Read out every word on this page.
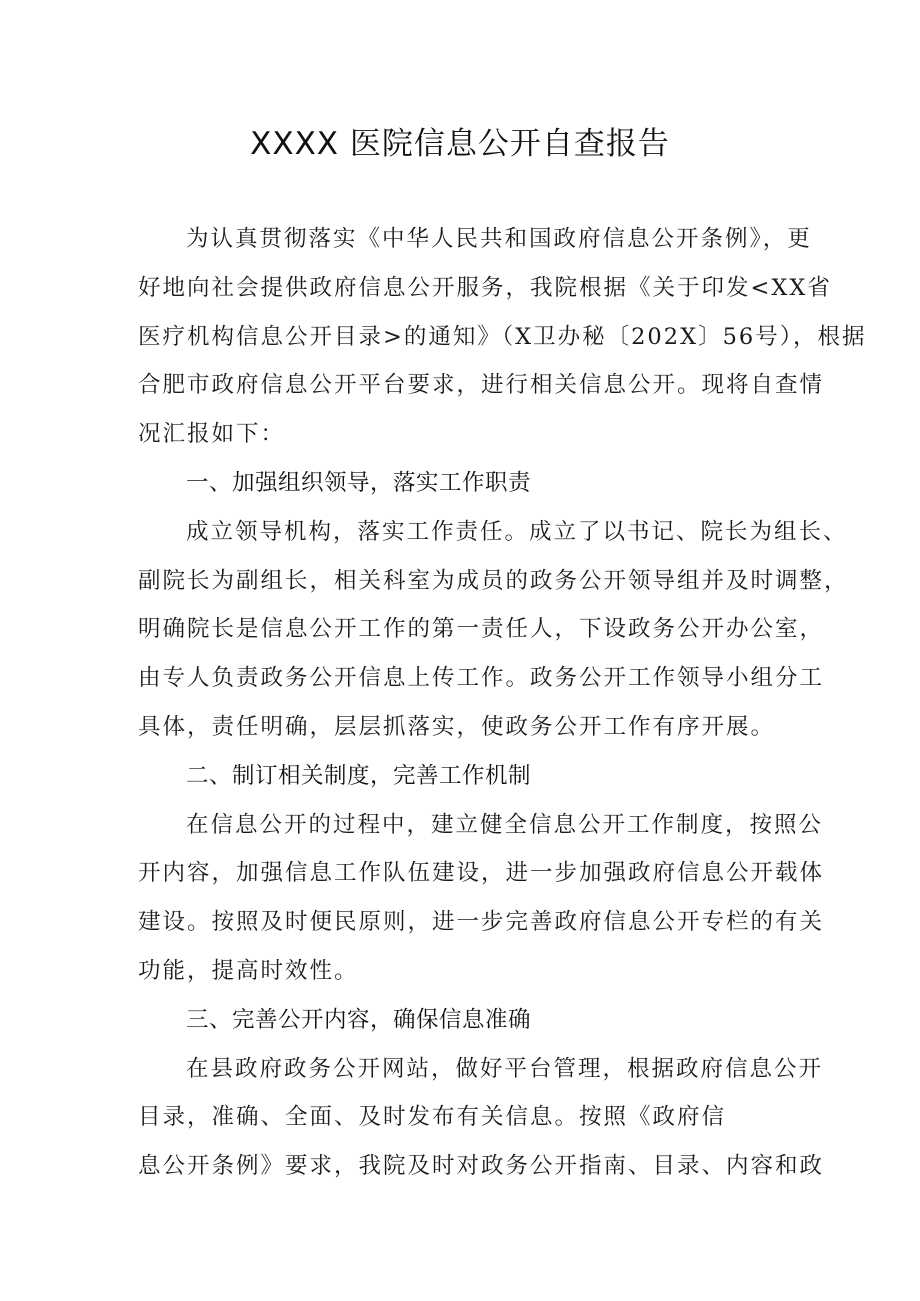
XXXX 医院信息公开自查报告
为认真贯彻落实《中华人民共和国政府信息公开条例》，更
好地向社会提供政府信息公开服务，我院根据《关于印发<XX省
医疗机构信息公开目录>的通知》（X卫办秘〔202X〕56号），根据
合肥市政府信息公开平台要求，进行相关信息公开。现将自查情
况汇报如下：
一、加强组织领导，落实工作职责
成立领导机构，落实工作责任。成立了以书记、院长为组长、
副院长为副组长，相关科室为成员的政务公开领导组并及时调整，
明确院长是信息公开工作的第一责任人，下设政务公开办公室，
由专人负责政务公开信息上传工作。政务公开工作领导小组分工
具体，责任明确，层层抓落实，使政务公开工作有序开展。
二、制订相关制度，完善工作机制
在信息公开的过程中，建立健全信息公开工作制度，按照公
开内容，加强信息工作队伍建设，进一步加强政府信息公开载体
建设。按照及时便民原则，进一步完善政府信息公开专栏的有关
功能，提高时效性。
三、完善公开内容，确保信息准确
在县政府政务公开网站，做好平台管理，根据政府信息公开
目录，准确、全面、及时发布有关信息。按照《政府信
息公开条例》要求，我院及时对政务公开指南、目录、内容和政
